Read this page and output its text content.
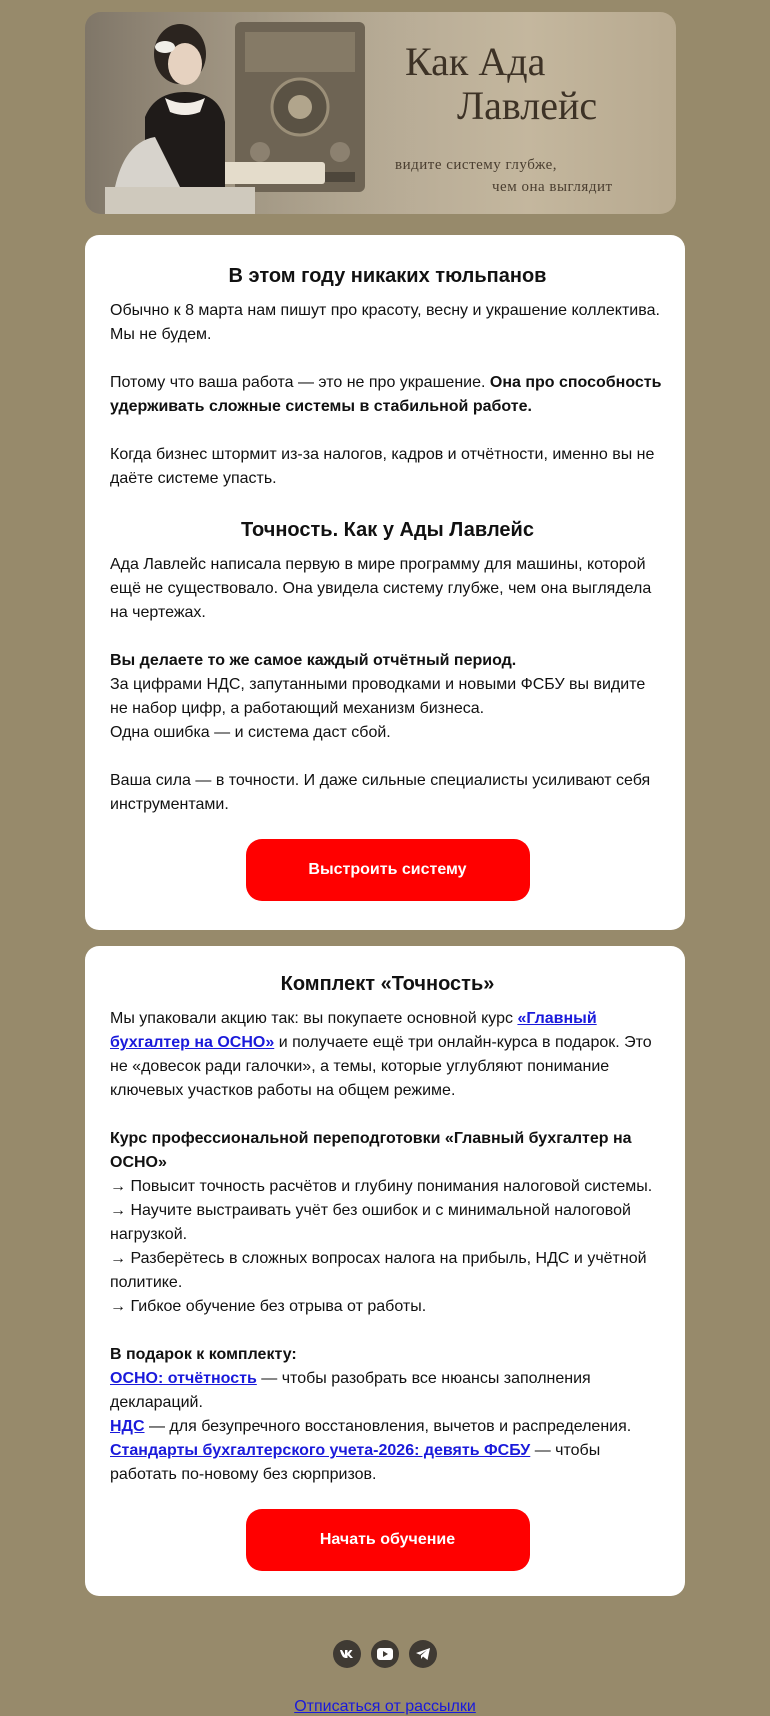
Как Ада
Лавлейс
видите систему глубже,
чем она выглядит
В этом году никаких тюльпанов

Обычно к 8 марта нам пишут про красоту, весну и украшение коллектива. Мы не будем.

Потому что ваша работа — это не про украшение. Она про способность удерживать сложные системы в стабильной работе.

Когда бизнес штормит из-за налогов, кадров и отчётности, именно вы не даёте системе упасть.

Точность. Как у Ады Лавлейс

Ада Лавлейс написала первую в мире программу для машины, которой ещё не существовало. Она увидела систему глубже, чем она выглядела на чертежах.

Вы делаете то же самое каждый отчётный период.
За цифрами НДС, запутанными проводками и новыми ФСБУ вы видите не набор цифр, а работающий механизм бизнеса.
Одна ошибка — и система даст сбой.

Ваша сила — в точности. И даже сильные специалисты усиливают себя инструментами.

Выстроить систему
Комплект «Точность»

Мы упаковали акцию так: вы покупаете основной курс «Главный бухгалтер на ОСНО» и получаете ещё три онлайн-курса в подарок. Это не «довесок ради галочки», а темы, которые углубляют понимание ключевых участков работы на общем режиме.

Курс профессиональной переподготовки «Главный бухгалтер на ОСНО»

→ Повысит точность расчётов и глубину понимания налоговой системы.

→ Научите выстраивать учёт без ошибок и с минимальной налоговой нагрузкой.

→ Разберётесь в сложных вопросах налога на прибыль, НДС и учётной политике.

→ Гибкое обучение без отрыва от работы.

В подарок к комплекту:

ОСНО: отчётность — чтобы разобрать все нюансы заполнения деклараций.

НДС — для безупречного восстановления, вычетов и распределения.

Стандарты бухгалтерского учета-2026: девять ФСБУ — чтобы работать по-новому без сюрпризов.

Начать обучение
Отписаться от рассылки
